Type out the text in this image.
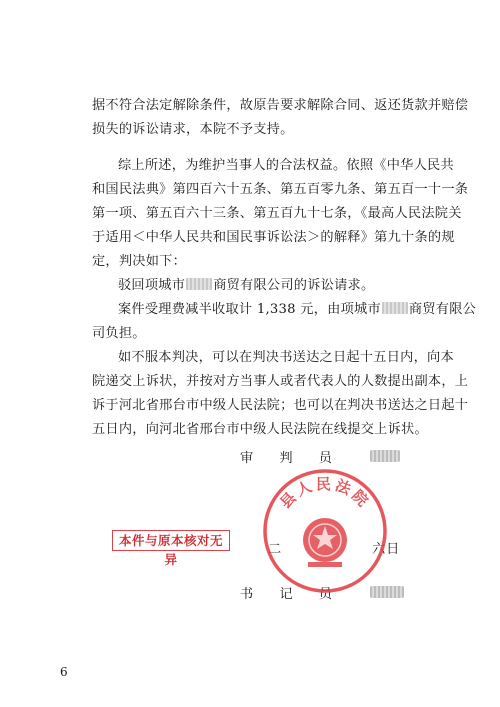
据不符合法定解除条件，故原告要求解除合同、返还货款并赔偿
损失的诉讼请求，本院不予支持。
综上所述，为维护当事人的合法权益。依照《中华人民共
和国民法典》第四百六十五条、第五百零九条、第五百一十一条
第一项、第五百六十三条、第五百九十七条，《最高人民法院关
于适用＜中华人民共和国民事诉讼法＞的解释》第九十条的规
定，判决如下：
驳回项城市 商贸有限公司的诉讼请求。
案件受理费减半收取计 1,338 元，由项城市 商贸有限公
司负担。
如不服本判决，可以在判决书送达之日起十五日内，向本
院递交上诉状，并按对方当事人或者代表人的人数提出副本，上
诉于河北省邢台市中级人民法院；也可以在判决书送达之日起十
五日内，向河北省邢台市中级人民法院在线提交上诉状。
审 判 员
二	六日
书 记 员
本件与原本核对无异
县人民法院
6
